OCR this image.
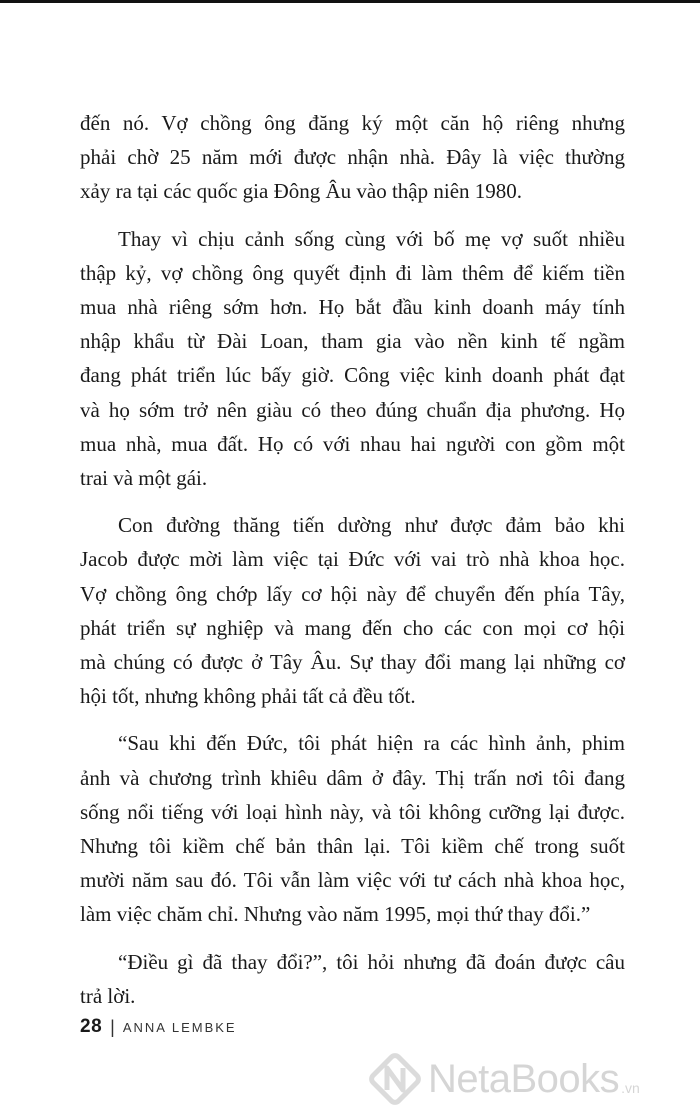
đến nó. Vợ chồng ông đăng ký một căn hộ riêng nhưng
phải chờ 25 năm mới được nhận nhà. Đây là việc thường
xảy ra tại các quốc gia Đông Âu vào thập niên 1980.

Thay vì chịu cảnh sống cùng với bố mẹ vợ suốt nhiều
thập kỷ, vợ chồng ông quyết định đi làm thêm để kiếm tiền
mua nhà riêng sớm hơn. Họ bắt đầu kinh doanh máy tính
nhập khẩu từ Đài Loan, tham gia vào nền kinh tế ngầm
đang phát triển lúc bấy giờ. Công việc kinh doanh phát đạt
và họ sớm trở nên giàu có theo đúng chuẩn địa phương. Họ
mua nhà, mua đất. Họ có với nhau hai người con gồm một
trai và một gái.

Con đường thăng tiến dường như được đảm bảo khi
Jacob được mời làm việc tại Đức với vai trò nhà khoa học.
Vợ chồng ông chớp lấy cơ hội này để chuyển đến phía Tây,
phát triển sự nghiệp và mang đến cho các con mọi cơ hội
mà chúng có được ở Tây Âu. Sự thay đổi mang lại những cơ
hội tốt, nhưng không phải tất cả đều tốt.

“Sau khi đến Đức, tôi phát hiện ra các hình ảnh, phim
ảnh và chương trình khiêu dâm ở đây. Thị trấn nơi tôi đang
sống nổi tiếng với loại hình này, và tôi không cưỡng lại được.
Nhưng tôi kiềm chế bản thân lại. Tôi kiềm chế trong suốt
mười năm sau đó. Tôi vẫn làm việc với tư cách nhà khoa học,
làm việc chăm chỉ. Nhưng vào năm 1995, mọi thứ thay đổi.”

“Điều gì đã thay đổi?”, tôi hỏi nhưng đã đoán được câu
trả lời.

28 | ANNA LEMBKE
NetaBooks .vn
